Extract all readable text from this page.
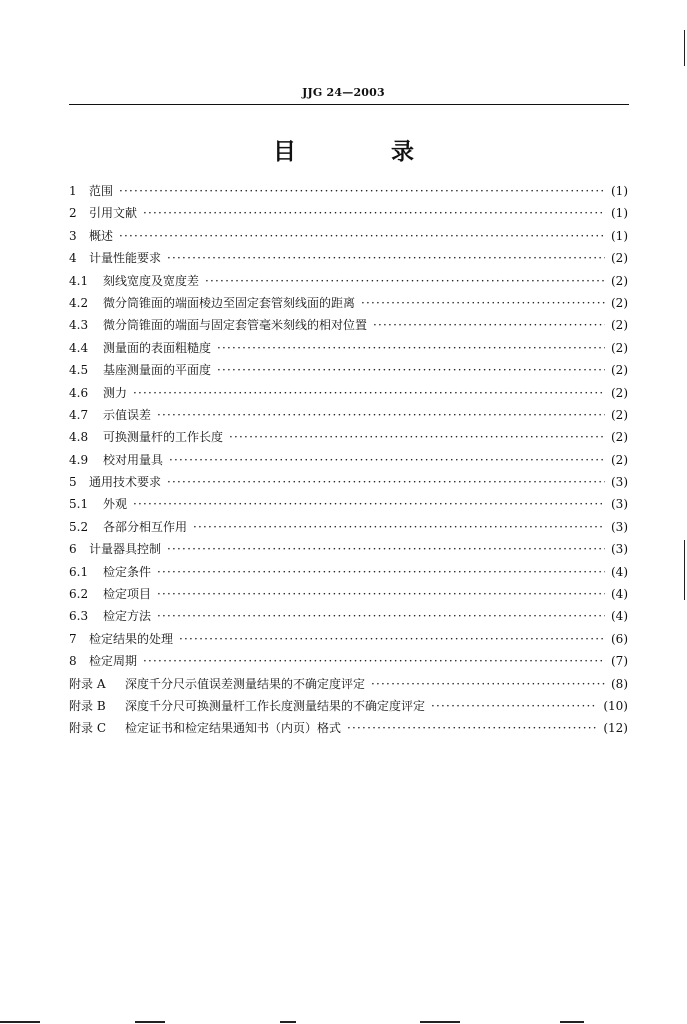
JJG 24—2003
目　录
1	范围 ·····	(1)
2	引用文献 ·····	(1)
3	概述 ·····	(1)
4	计量性能要求 ·····	(2)
4.1	刻线宽度及宽度差 ·····	(2)
4.2	微分筒锥面的端面棱边至固定套管刻线面的距离 ·····	(2)
4.3	微分筒锥面的端面与固定套管毫米刻线的相对位置 ·····	(2)
4.4	测量面的表面粗糙度 ·····	(2)
4.5	基座测量面的平面度 ·····	(2)
4.6	测力 ·····	(2)
4.7	示值误差 ·····	(2)
4.8	可换测量杆的工作长度 ·····	(2)
4.9	校对用量具 ·····	(2)
5	通用技术要求 ·····	(3)
5.1	外观 ·····	(3)
5.2	各部分相互作用 ·····	(3)
6	计量器具控制 ·····	(3)
6.1	检定条件 ·····	(4)
6.2	检定项目 ·····	(4)
6.3	检定方法 ·····	(4)
7	检定结果的处理 ·····	(6)
8	检定周期 ·····	(7)
附录 A	深度千分尺示值误差测量结果的不确定度评定 ·····	(8)
附录 B	深度千分尺可换测量杆工作长度测量结果的不确定度评定 ·····	(10)
附录 C	检定证书和检定结果通知书（内页）格式 ·····	(12)
